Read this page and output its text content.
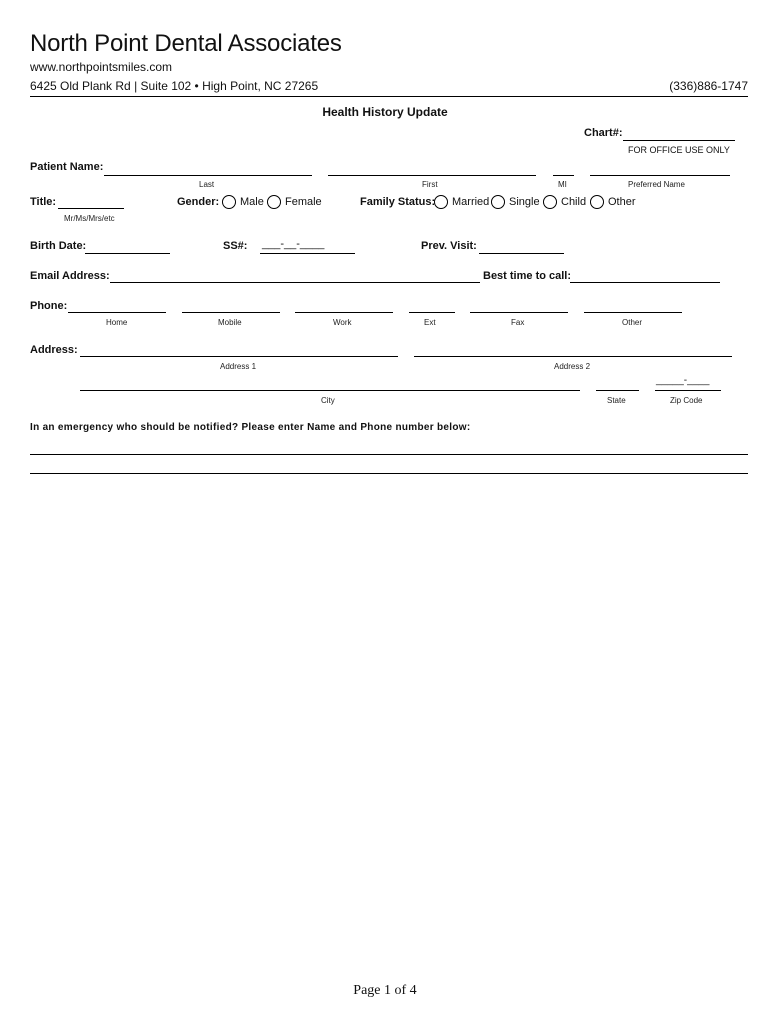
North Point Dental Associates
www.northpointsmiles.com
6425 Old Plank Rd | Suite 102 • High Point, NC 27265	(336)886-1747
Health History Update
Chart#:
FOR OFFICE USE ONLY
Patient Name:
Last	First	MI	Preferred Name
Title:
Mr/Ms/Mrs/etc
Gender: Male Female	Family Status: Married Single Child Other
Birth Date:	SS#: ___-__-____	Prev. Visit:
Email Address:	Best time to call:
Phone:
Home	Mobile	Work	Ext	Fax	Other
Address:
Address 1	Address 2
_____-____
City	State	Zip Code
In an emergency who should be notified? Please enter Name and Phone number below:
Page 1 of 4
